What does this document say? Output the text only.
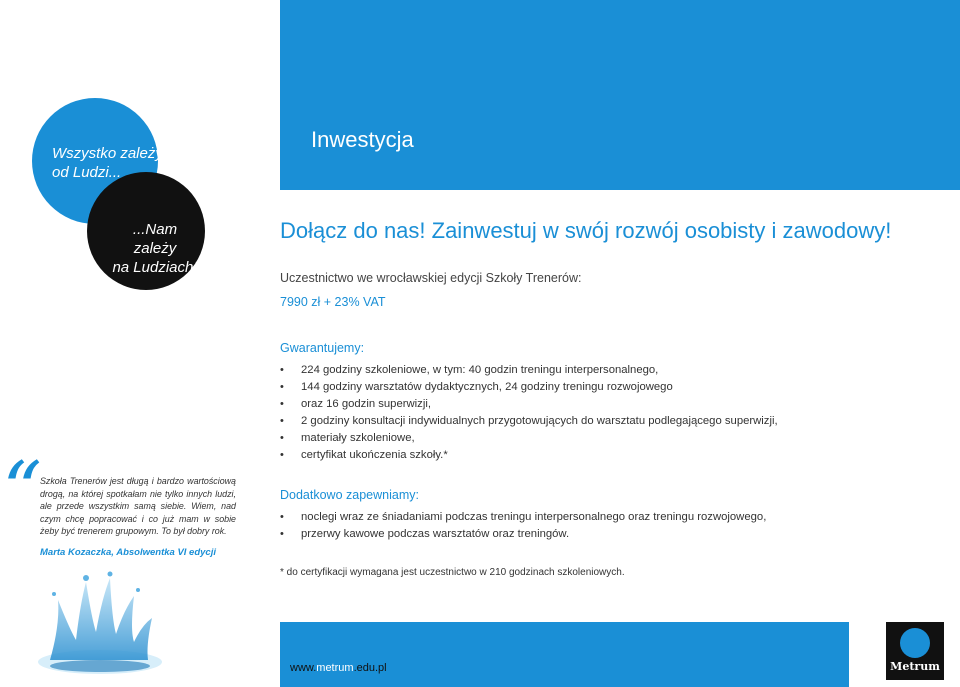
Inwestycja
Wszystko zależy
od Ludzi...
...Nam zależy
na Ludziach!
Dołącz do nas! Zainwestuj w swój rozwój osobisty i zawodowy!
Uczestnictwo we wrocławskiej edycji Szkoły Trenerów:
7990 zł + 23% VAT
Gwarantujemy:
• 224 godziny szkoleniowe, w tym: 40 godzin treningu interpersonalnego,
• 144 godziny warsztatów dydaktycznych, 24 godziny treningu rozwojowego
• oraz 16 godzin superwizji,
• 2 godziny konsultacji indywidualnych przygotowujących do warsztatu podlegającego superwizji,
• materiały szkoleniowe,
• certyfikat ukończenia szkoły.*
Dodatkowo zapewniamy:
• noclegi wraz ze śniadaniami podczas treningu interpersonalnego oraz treningu rozwojowego,
• przerwy kawowe podczas warsztatów oraz treningów.
* do certyfikacji wymagana jest uczestnictwo w 210 godzinach szkoleniowych.
“
Szkoła Trenerów jest długą i bardzo wartościową drogą, na której spotkałam nie tylko innych ludzi, ale przede wszystkim samą siebie. Wiem, nad czym chcę popracować i co już mam w sobie żeby być trenerem grupowym. To był dobry rok.
Marta Kozaczka, Absolwentka VI edycji
www.metrum.edu.pl	Metrum
